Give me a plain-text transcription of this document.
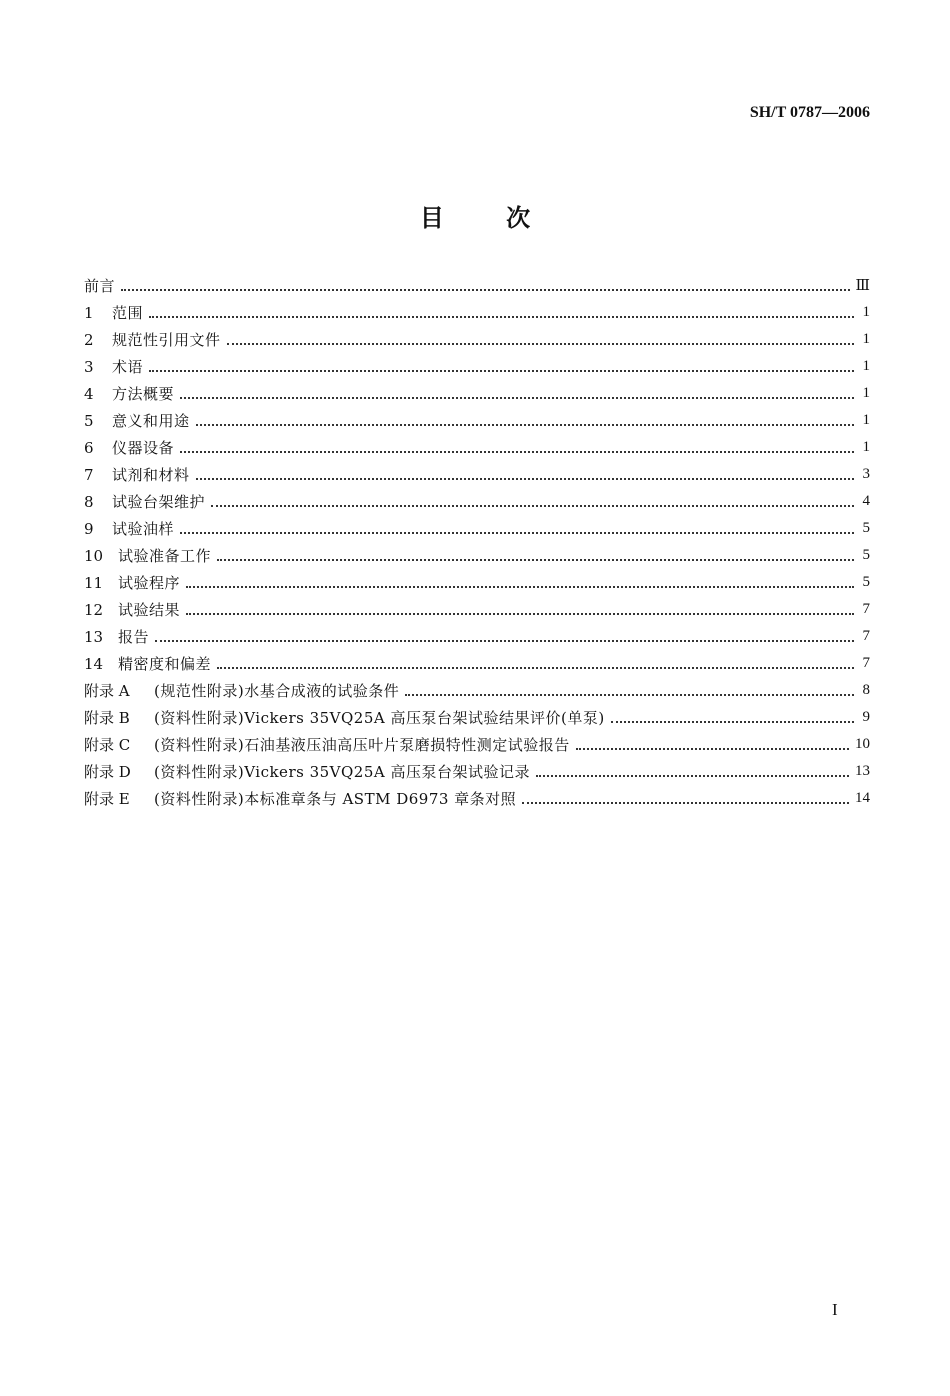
SH/T 0787—2006
目	次
前言	Ⅲ
1	范围	1
2	规范性引用文件	1
3	术语	1
4	方法概要	1
5	意义和用途	1
6	仪器设备	1
7	试剂和材料	3
8	试验台架维护	4
9	试验油样	5
10 试验准备工作	5
11 试验程序	5
12 试验结果	7
13 报告	7
14 精密度和偏差	7
附录 A	(规范性附录)水基合成液的试验条件	8
附录 B	(资料性附录)Vickers 35VQ25A 高压泵台架试验结果评价(单泵)	9
附录 C	(资料性附录)石油基液压油高压叶片泵磨损特性测定试验报告	10
附录 D	(资料性附录)Vickers 35VQ25A 高压泵台架试验记录	13
附录 E	(资料性附录)本标准章条与 ASTM D6973 章条对照	14
I
